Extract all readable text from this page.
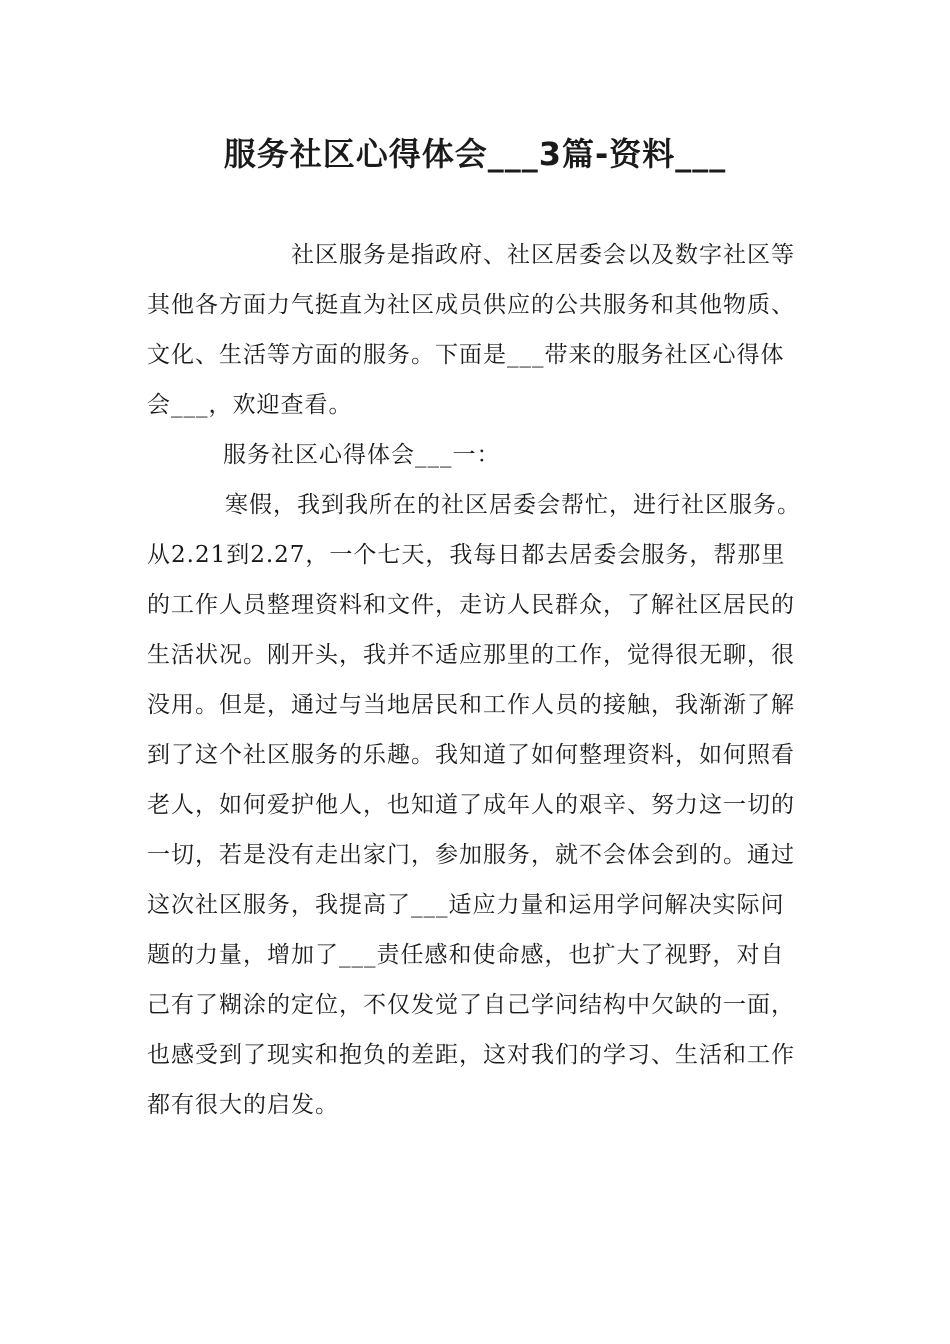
服务社区心得体会___3篇-资料___

社区服务是指政府、社区居委会以及数字社区等其他各方面力气挺直为社区成员供应的公共服务和其他物质、文化、生活等方面的服务。下面是___带来的服务社区心得体会___，欢迎查看。

服务社区心得体会___一：

寒假，我到我所在的社区居委会帮忙，进行社区服务。从2.21到2.27，一个七天，我每日都去居委会服务，帮那里的工作人员整理资料和文件，走访人民群众，了解社区居民的生活状况。刚开头，我并不适应那里的工作，觉得很无聊，很没用。但是，通过与当地居民和工作人员的接触，我渐渐了解到了这个社区服务的乐趣。我知道了如何整理资料，如何照看老人，如何爱护他人，也知道了成年人的艰辛、努力这一切的一切，若是没有走出家门，参加服务，就不会体会到的。通过这次社区服务，我提高了___适应力量和运用学问解决实际问题的力量，增加了___责任感和使命感，也扩大了视野，对自己有了糊涂的定位，不仅发觉了自己学问结构中欠缺的一面，也感受到了现实和抱负的差距，这对我们的学习、生活和工作都有很大的启发。
